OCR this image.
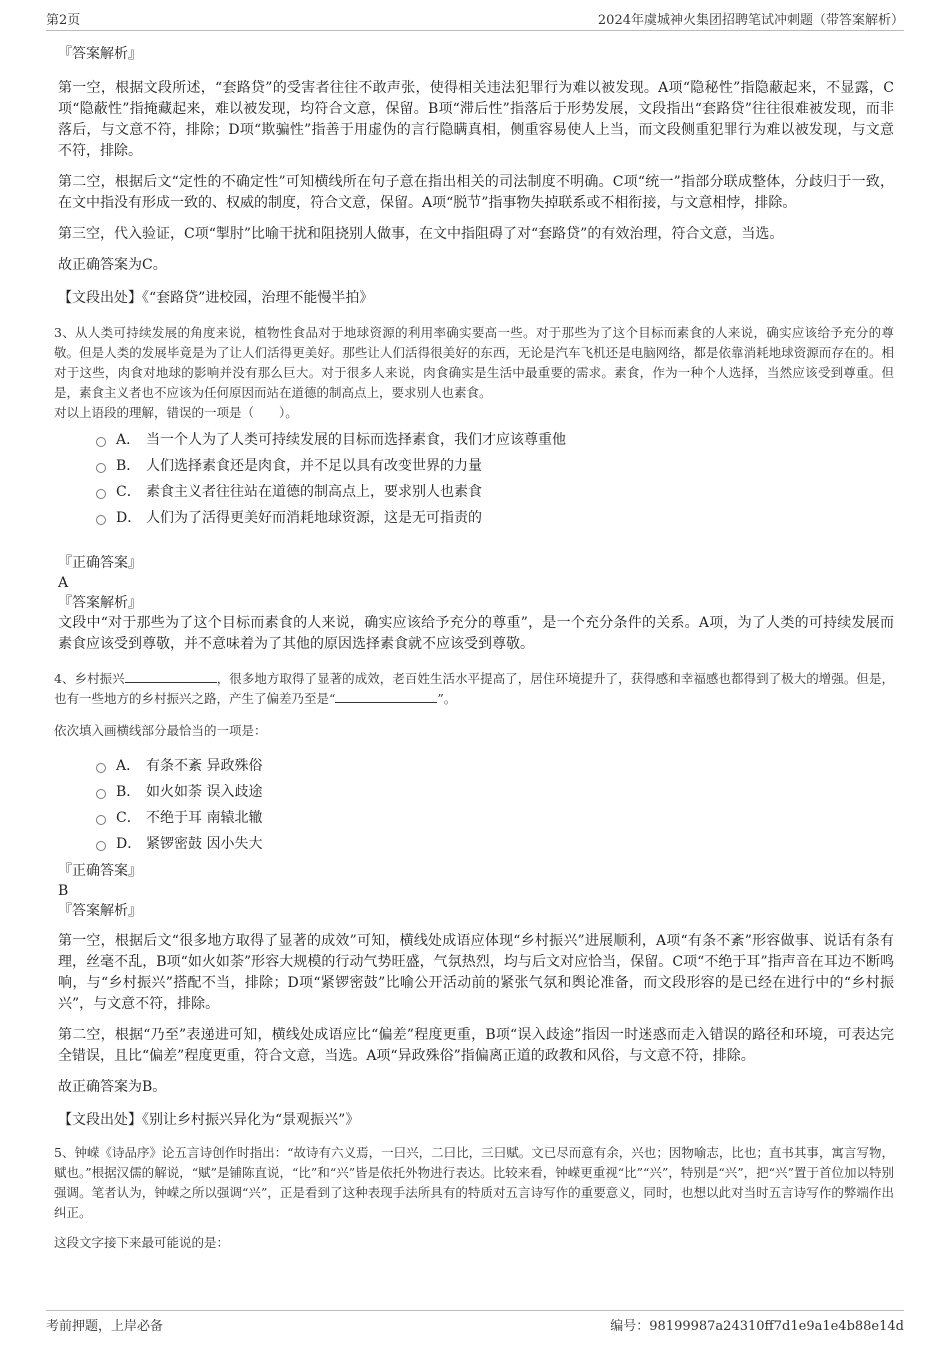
第2页	2024年虞城神火集团招聘笔试冲刺题（带答案解析）

『答案解析』

第一空，根据文段所述，“套路贷”的受害者往往不敢声张，使得相关违法犯罪行为难以被发现。A项“隐秘性”指隐蔽起来，不显露，C项“隐蔽性”指掩藏起来，难以被发现，均符合文意，保留。B项“滞后性”指落后于形势发展，文段指出“套路贷”往往很难被发现，而非落后，与文意不符，排除；D项“欺骗性”指善于用虚伪的言行隐瞒真相，侧重容易使人上当，而文段侧重犯罪行为难以被发现，与文意不符，排除。

第二空，根据后文“定性的不确定性”可知横线所在句子意在指出相关的司法制度不明确。C项“统一”指部分联成整体，分歧归于一致，在文中指没有形成一致的、权威的制度，符合文意，保留。A项“脱节”指事物失掉联系或不相衔接，与文意相悖，排除。

第三空，代入验证，C项“掣肘”比喻干扰和阻挠别人做事，在文中指阻碍了对“套路贷”的有效治理，符合文意，当选。

故正确答案为C。

【文段出处】《“套路贷”进校园，治理不能慢半拍》

3、从人类可持续发展的角度来说，植物性食品对于地球资源的利用率确实要高一些。对于那些为了这个目标而素食的人来说，确实应该给予充分的尊敬。但是人类的发展毕竟是为了让人们活得更美好。那些让人们活得很美好的东西，无论是汽车飞机还是电脑网络，都是依靠消耗地球资源而存在的。相对于这些，肉食对地球的影响并没有那么巨大。对于很多人来说，肉食确实是生活中最重要的需求。素食，作为一种个人选择，当然应该受到尊重。但是，素食主义者也不应该为任何原因而站在道德的制高点上，要求别人也素食。

对以上语段的理解，错误的一项是（　　）。

A． 当一个人为了人类可持续发展的目标而选择素食，我们才应该尊重他
B． 人们选择素食还是肉食，并不足以具有改变世界的力量
C． 素食主义者往往站在道德的制高点上，要求别人也素食
D． 人们为了活得更美好而消耗地球资源，这是无可指责的

『正确答案』

A

『答案解析』

文段中“对于那些为了这个目标而素食的人来说，确实应该给予充分的尊重”，是一个充分条件的关系。A项，为了人类的可持续发展而素食应该受到尊敬，并不意味着为了其他的原因选择素食就不应该受到尊敬。

4、乡村振兴	，很多地方取得了显著的成效，老百姓生活水平提高了，居住环境提升了，获得感和幸福感也都得到了极大的增强。但是，也有一些地方的乡村振兴之路，产生了偏差乃至是“	”。

依次填入画横线部分最恰当的一项是：

A． 有条不紊 异政殊俗
B． 如火如荼 误入歧途
C． 不绝于耳 南辕北辙
D． 紧锣密鼓 因小失大

『正确答案』

B

『答案解析』

第一空，根据后文“很多地方取得了显著的成效”可知，横线处成语应体现“乡村振兴”进展顺利，A项“有条不紊”形容做事、说话有条有理，丝毫不乱，B项“如火如荼”形容大规模的行动气势旺盛，气氛热烈，均与后文对应恰当，保留。C项“不绝于耳”指声音在耳边不断鸣响，与“乡村振兴”搭配不当，排除；D项“紧锣密鼓”比喻公开活动前的紧张气氛和舆论准备，而文段形容的是已经在进行中的“乡村振兴”，与文意不符，排除。

第二空，根据“乃至”表递进可知，横线处成语应比“偏差”程度更重，B项“误入歧途”指因一时迷惑而走入错误的路径和环境，可表达完全错误，且比“偏差”程度更重，符合文意，当选。A项“异政殊俗”指偏离正道的政教和风俗，与文意不符，排除。

故正确答案为B。

【文段出处】《别让乡村振兴异化为“景观振兴”》

5、钟嵘《诗品序》论五言诗创作时指出：“故诗有六义焉，一曰兴，二曰比，三曰赋。文已尽而意有余，兴也；因物喻志，比也；直书其事，寓言写物，赋也。”根据汉儒的解说，“赋”是铺陈直说，“比”和“兴”皆是依托外物进行表达。比较来看，钟嵘更重视“比”“兴”，特别是“兴”，把“兴”置于首位加以特别强调。笔者认为，钟嵘之所以强调“兴”，正是看到了这种表现手法所具有的特质对五言诗写作的重要意义，同时，也想以此对当时五言诗写作的弊端作出纠正。

这段文字接下来最可能说的是：

考前押题，上岸必备	编号：98199987a24310ff7d1e9a1e4b88e14d
